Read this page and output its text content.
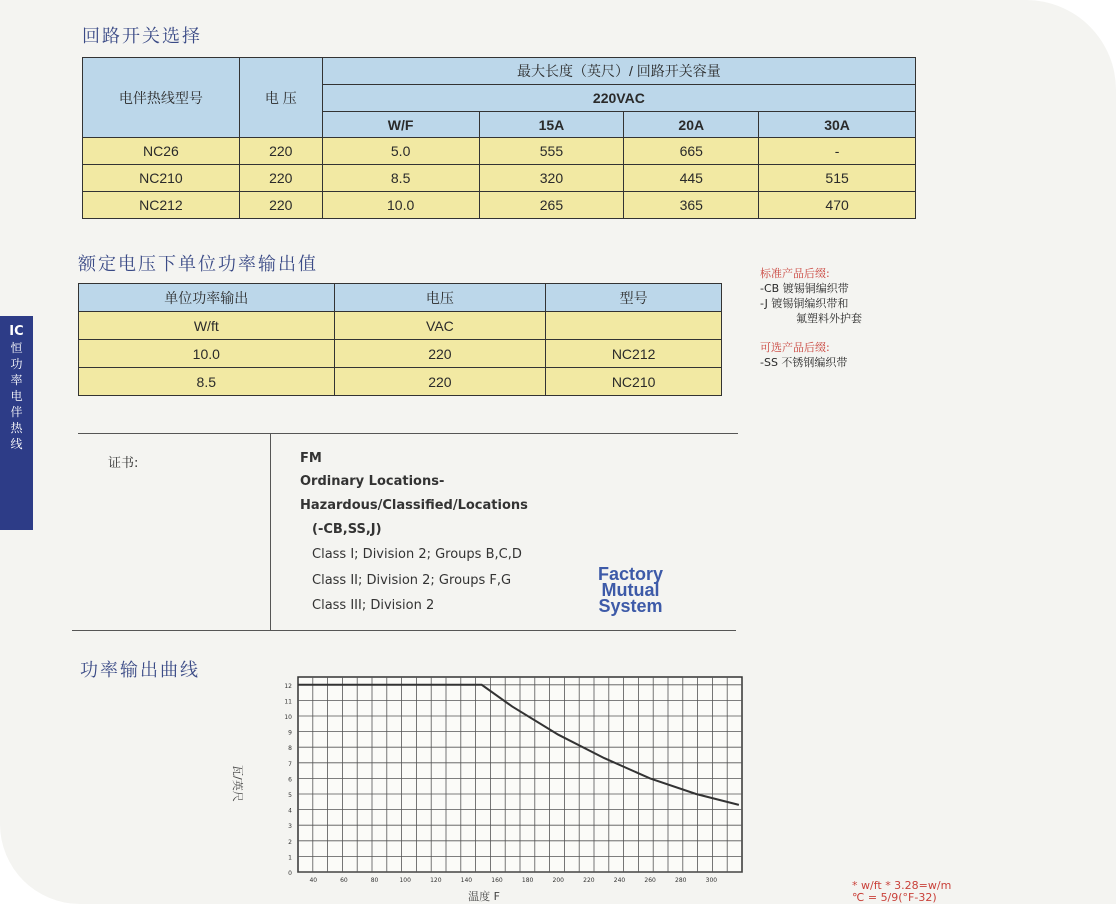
IC
恒
功
率
电
伴
热
线
回路开关选择
电伴热线型号	电 压	最大长度（英尺）/ 回路开关容量			
		220VAC			
		W/F	15A	20A	30A
NC26	220	5.0	555	665	-
NC210	220	8.5	320	445	515
NC212	220	10.0	265	365	470
额定电压下单位功率输出值
单位功率输出	电压	型号
W/ft	VAC	
10.0	220	NC212
8.5	220	NC210
标准产品后缀:
-CB 镀锡铜编织带
-J 镀锡铜编织带和
氟塑料外护套
可选产品后缀:
-SS 不锈钢编织带
证书:	FM
Ordinary Locations-
Hazardous/Classified/Locations
(-CB,SS,J)
Class I; Division 2; Groups B,C,D
Class II; Division 2; Groups F,G
Class III; Division 2
Factory
Mutual
System
功率输出曲线
12
11
10
9
8
7
6
5
4
3
2
1
0
40	60	80	100	120	140	160	180	200	220	240	260	280	300
瓦/英尺
温度 F
* w/ft * 3.28=w/m
℃ = 5/9(°F-32)
